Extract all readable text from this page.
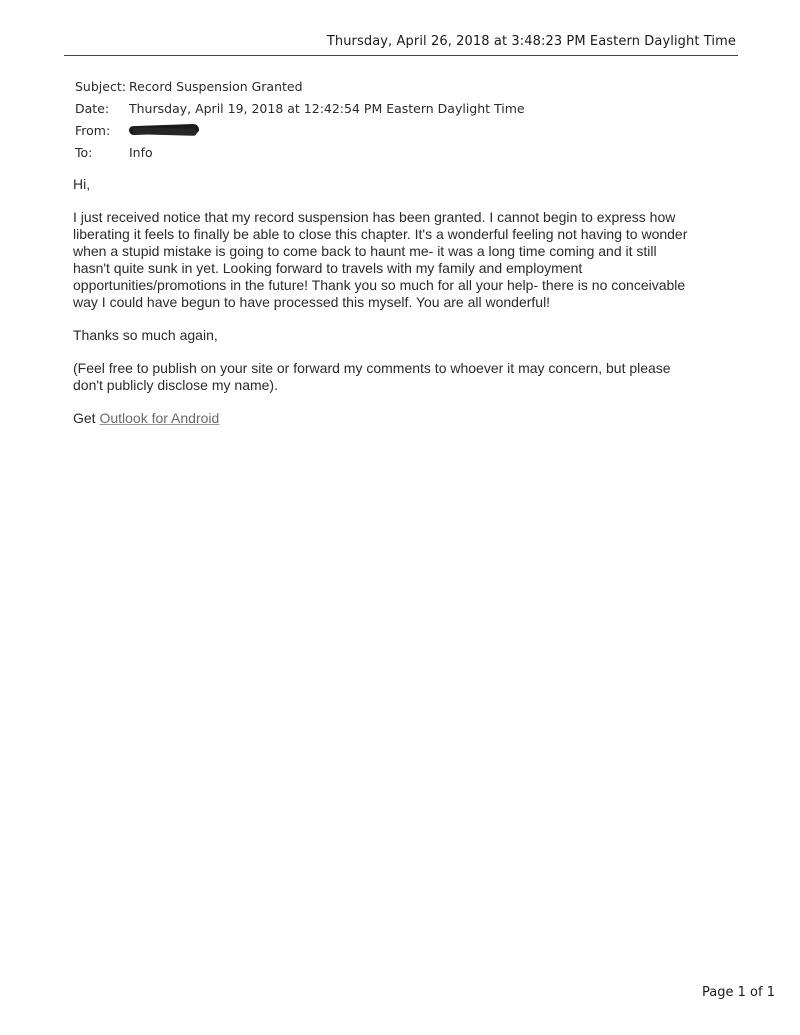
Thursday, April 26, 2018 at 3:48:23 PM Eastern Daylight Time
Subject: Record Suspension Granted
Date:	Thursday, April 19, 2018 at 12:42:54 PM Eastern Daylight Time
From:
To:	Info

Hi,

I just received notice that my record suspension has been granted. I cannot begin to express how
liberating it feels to finally be able to close this chapter. It's a wonderful feeling not having to wonder
when a stupid mistake is going to come back to haunt me- it was a long time coming and it still
hasn't quite sunk in yet. Looking forward to travels with my family and employment
opportunities/promotions in the future! Thank you so much for all your help- there is no conceivable
way I could have begun to have processed this myself. You are all wonderful!

Thanks so much again,

(Feel free to publish on your site or forward my comments to whoever it may concern, but please
don't publicly disclose my name).

Get Outlook for Android

Page 1 of 1
